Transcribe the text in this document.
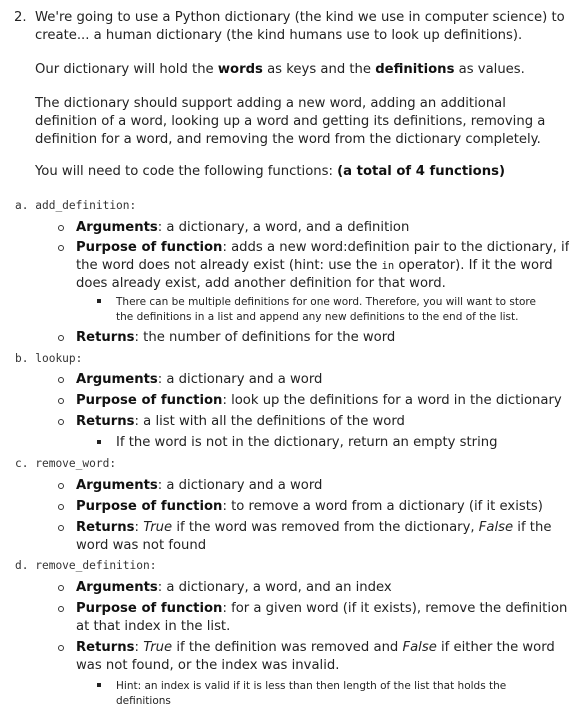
2. We're going to use a Python dictionary (the kind we use in computer science) to
create... a human dictionary (the kind humans use to look up definitions).
Our dictionary will hold the words as keys and the definitions as values.
The dictionary should support adding a new word, adding an additional
definition of a word, looking up a word and getting its definitions, removing a
definition for a word, and removing the word from the dictionary completely.
You will need to code the following functions: (a total of 4 functions)
a. add_definition:
Arguments: a dictionary, a word, and a definition
Purpose of function: adds a new word:definition pair to the dictionary, if
the word does not already exist (hint: use the in operator). If it the word
does already exist, add another definition for that word.
There can be multiple definitions for one word. Therefore, you will want to store
the definitions in a list and append any new definitions to the end of the list.
Returns: the number of definitions for the word
b. lookup:
Arguments: a dictionary and a word
Purpose of function: look up the definitions for a word in the dictionary
Returns: a list with all the definitions of the word
If the word is not in the dictionary, return an empty string
c. remove_word:
Arguments: a dictionary and a word
Purpose of function: to remove a word from a dictionary (if it exists)
Returns: True if the word was removed from the dictionary, False if the
word was not found
d. remove_definition:
Arguments: a dictionary, a word, and an index
Purpose of function: for a given word (if it exists), remove the definition
at that index in the list.
Returns: True if the definition was removed and False if either the word
was not found, or the index was invalid.
Hint: an index is valid if it is less than then length of the list that holds the
definitions
